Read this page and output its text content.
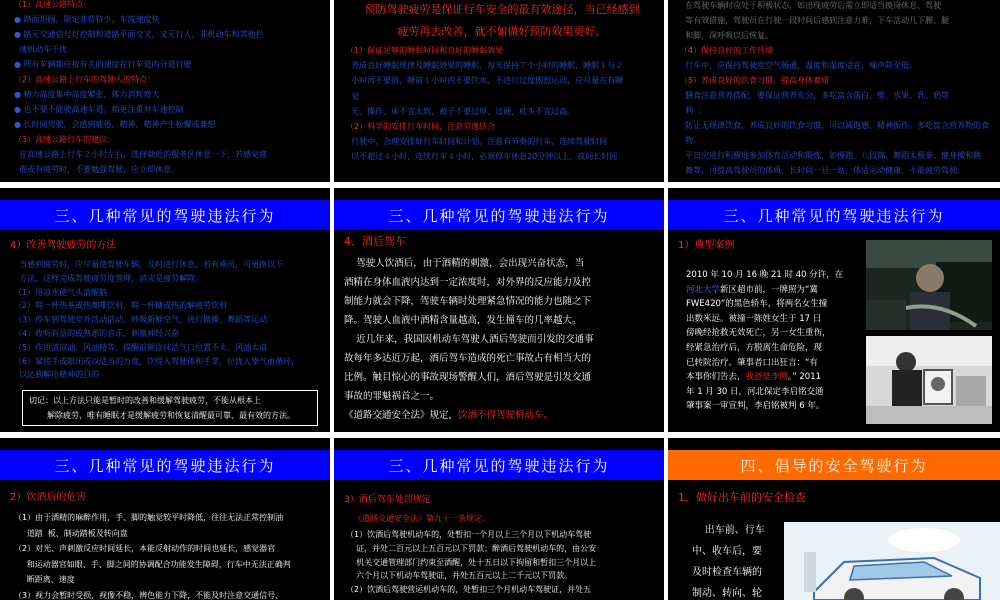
（1）高速公路特点：
● 路面坦阔，限定非营特少，车流速度快
● 路无交通信号灯控制和道路平面交叉，又无行人，非机动车和其他拦
速机动车干扰
● 所有车辆都应按有关的速度在行车道内分道行驶
（2）高速公路上行车的驾驶人的特点：
● 精力高度集中高度紧张，体力消耗增大
● 也不要不能驶高速车道，稍更注重对车速控制
● 长时间驾驶，会感到疲倦，精神，精神产生松懈或兼想
（3）高速公路行车的建议：
在高速公路上行车２小时左右，选择就近的服务区休息一下，若感觉疲
倦或有疲劳时，不要勉强驾驶，应立即休息。
预防驾驶疲劳是保证行车安全的最有效途径，当已经感到
疲劳再去改善，就不如做好预防效果更好。
（1）保证足够的睡眠时间和良好的睡眠效果
养成良好睡眠规律及睡眠效果的睡眠，每天保持７个小时的睡眠，睡眠１与２
小时再不要放，睡前１小时内不要饮水、不进行过度剧烈运动，应尽量在有睡
觉
光、操作、床不宜太软，被子不要过厚、过硬，枕头不宜过高。
（2）科学的安排行车时间，注意劳逸结合
行驶中，合理安排好行车时间和计划，注意有节奏的行车，连续驾驶时间
以不超过４小时，连续行车４小时，必须停车休息20分钟以上，夜间长时间
在驾驶车辆时应处于积极状态，如出现疲劳后需立即适当换岗休息、驾驶
等有效措施，驾驶员在行驶一段时间后感到注意力难，下车活动几下腰、腿
和脚，深呼吸以后恢复。
（4）保持良好的工作环境
行车中，应保持驾驶室空气畅通，温度和湿度适宜，噪声降至低。
（5）养成良好的饮食习惯，提高身体素质
膳食注意营养搭配，要保证营养充分，多吃富含蛋白、维、水果、乳、奶等
利  。
防止无规律饮食，养成良好的饮食习惯，可以减饱感，精神振作。多吃富含营养物的食
物。
平日应进行积极地参加体育活动和锻炼，如慢跑、八段锦、舞蹈太极拳、健身操和跳
舞等，可提高驾驶员的体质，长时间一旦一站，体适运动健康，不能疲劳驾驶。
三、几种常见的驾驶违法行为
4）改善驾驶疲劳的方法
当感到疲劳时，应尽量使驾驶车辆，及时进行休息，若有乘员，可更换以下
方法，这样完成驾驶疲劳度管理，消灾是疲劳解除。
（1）用凉水使气头清醒脑
（2）喝一杯热茶或热咖啡饮料，喝一杯糖或热的解疲劳饮料
（3）停车到驾驶室外活动活动，呼吸新鲜空气，进行做操、舞蹈等运动
（4）收听有益的或熟悉的音乐，刺激神经兴奋
（5）作用清凉油、风油精等，提醒前额涂抹活气口位置不太，风油太清
（6）紧搓手或眼闭或以适当的力度，饮提入驾驶体和手掌，拉拢入挚气血循环，
以达到解出精神的目的
切记：以上方法只能是暂时的改善和缓解驾驶疲劳，不能从根本上
解除疲劳，唯有睡眠才是缓解疲劳和恢复清醒最可靠、最有效的方法。
三、几种常见的驾驶违法行为
4．酒后驾车
驾驶人饮酒后，由于酒精的刺激，会出现兴奋状态，当
酒精在身体血液内达到一定浓度时，对外界的反应能力及控
制能力就会下降，驾驶车辆时处理紧急情况的能力也随之下
降。驾驶人血液中酒精含量越高，发生撞车的几率越大。
近几年来，我国因机动车驾驶人酒后驾驶而引发的交通事
故每年多达近万起，酒后驾车造成的死亡事故占有相当大的
比例。触目惊心的事故现场警醒人们，酒后驾驶是引发交通
事故的罪魁祸首之一。
《道路交通安全法》规定，饮酒不得驾驶机动车。
三、几种常见的驾驶违法行为
1）典型案例
2010 年 10 月 16 晚 21 时 40 分许，在
河北大学新区超市前，一牌照为“冀
FWE420”的黑色轿车，将两名女生撞
出数米远。被撞一陈姓女生于 17 日
傍晚经抢救无效死亡，另一女生重伤，
经紧急治疗后，方脱离生命危险，现
已转院治疗。肇事者口出狂言：“有
本事你们告去，我爸是李刚。” 2011
年 1 月 30 日，河北保定李启铭交通
肇事案一审宣判，李启铭被判 6 年。
三、几种常见的驾驶违法行为
2）饮酒后的危害
（1）由于酒精的麻醉作用，手、脚的触觉较平时降低，往往无法正常控制油
道踏  板、制动踏板及转向盘
（2）对光、声刺激反应时间延长，本能反射动作的时间也延长，感觉器官
和运动器官如眼、手、脚之间的协调配合功能发生障碍，行车中无法正确判
断距离、速度
（3）视力会暂时受损，视像不稳，辨色能力下降，不能及时注意交通信号、
三、几种常见的驾驶违法行为
3）酒后驾车处罚规定
《道路交通安全法》第九十一条规定：
（1）饮酒后驾驶机动车的，处暂扣一个月以上三个月以下机动车驾驶
证，并处二百元以上五百元以下罚款；醉酒后驾驶机动车的，由公安
机关交通管理部门约束至酒醒，处十五日以下拘留和暂扣三个月以上
六个月以下机动车驾驶证，并处五百元以上二千元以下罚款。
（2）饮酒后驾驶营运机动车的，处暂扣三个月机动车驾驶证，并处五
四、倡导的安全驾驶行为
1．做好出车前的安全检查
出车前、行车
中、收车后，要
及时检查车辆的
制动、转向、轮
